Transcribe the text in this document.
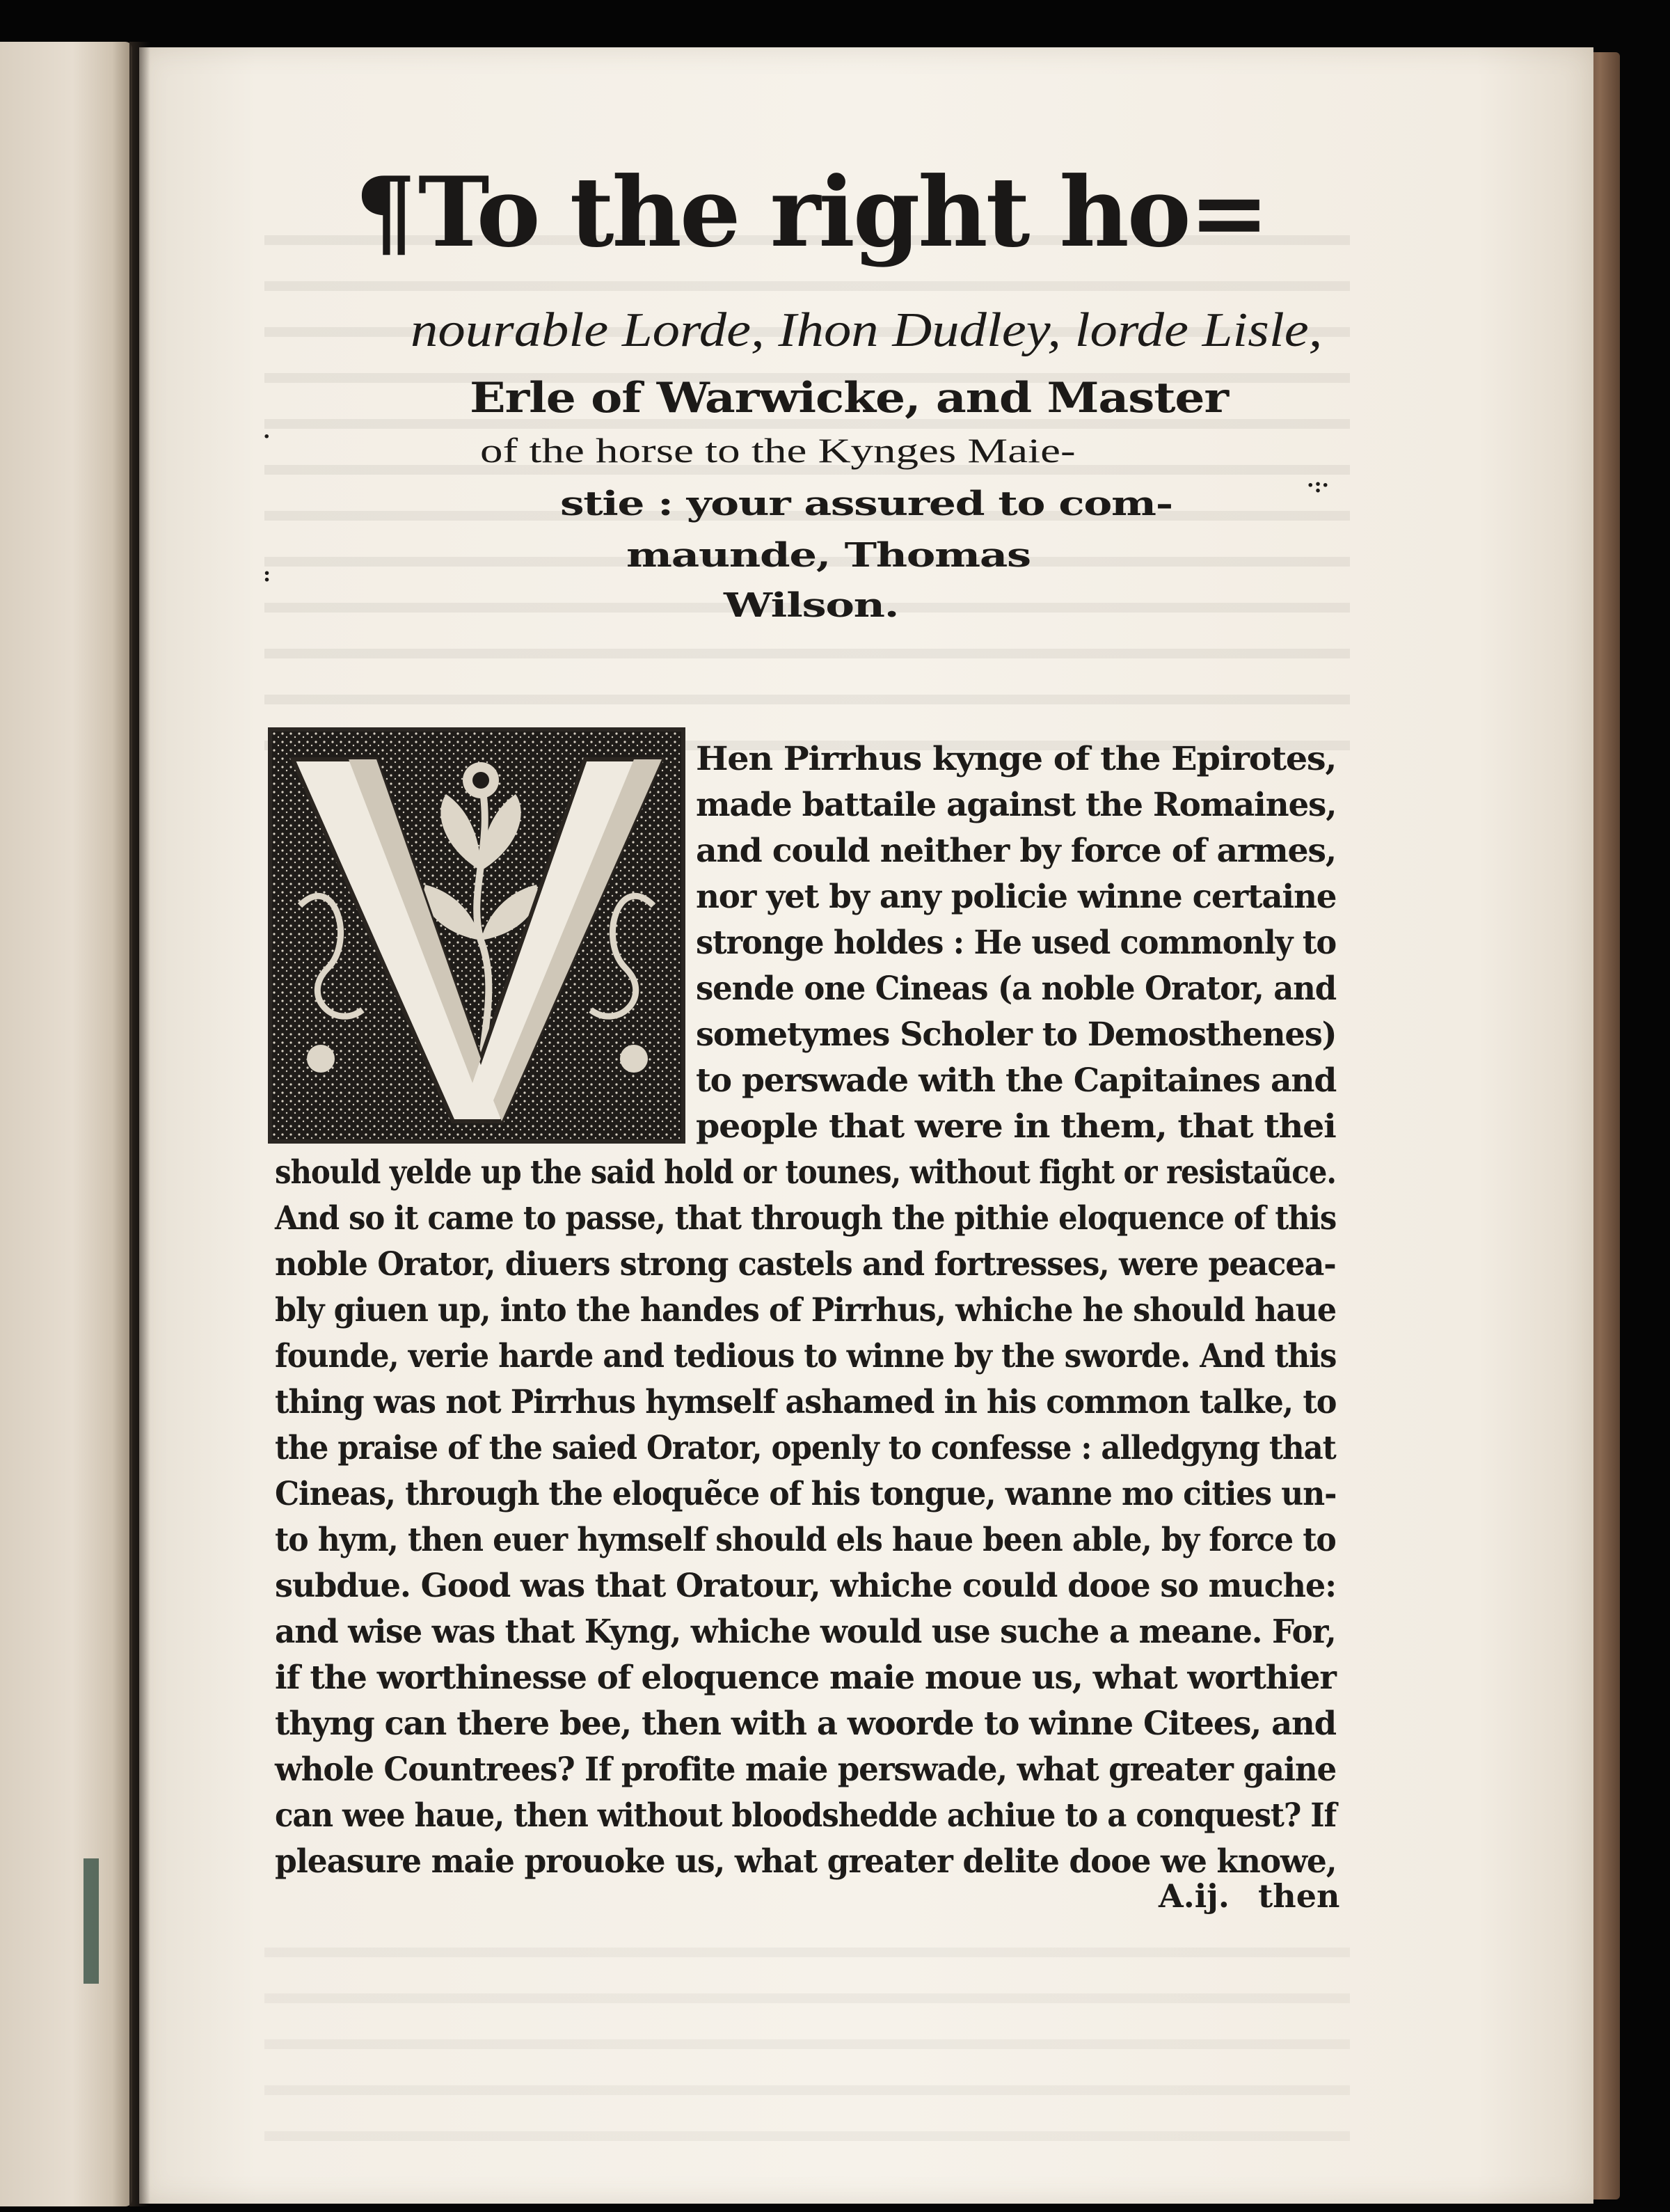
¶To the right ho=
nourable Lorde, Ihon Dudley, lorde Lisle,
Erle of Warwicke, and Master
of the horse to the Kynges Maie-
stie : your assured to com-
maunde, Thomas
Wilson.
·
:
·:·
Hen Pirrhus kynge of the Epirotes,
made battaile against the Romaines,
and could neither by force of armes,
nor yet by any policie winne certaine
stronge holdes : He used commonly to
sende one Cineas (a noble Orator, and
sometymes Scholer to Demosthenes)
to perswade with the Capitaines and
people that were in them, that thei
should yelde up the said hold or tounes, without fight or resistaũce.
And so it came to passe, that through the pithie eloquence of this
noble Orator, diuers strong castels and fortresses, were peacea-
bly giuen up, into the handes of Pirrhus, whiche he should haue
founde, verie harde and tedious to winne by the sworde. And this
thing was not Pirrhus hymself ashamed in his common talke, to
the praise of the saied Orator, openly to confesse : alledgyng that
Cineas, through the eloquẽce of his tongue, wanne mo cities un-
to hym, then euer hymself should els haue been able, by force to
subdue. Good was that Oratour, whiche could dooe so muche:
and wise was that Kyng, whiche would use suche a meane. For,
if the worthinesse of eloquence maie moue us, what worthier
thyng can there bee, then with a woorde to winne Citees, and
whole Countrees? If profite maie perswade, what greater gaine
can wee haue, then without bloodshedde achiue to a conquest? If
pleasure maie prouoke us, what greater delite dooe we knowe,
A.ij. then
